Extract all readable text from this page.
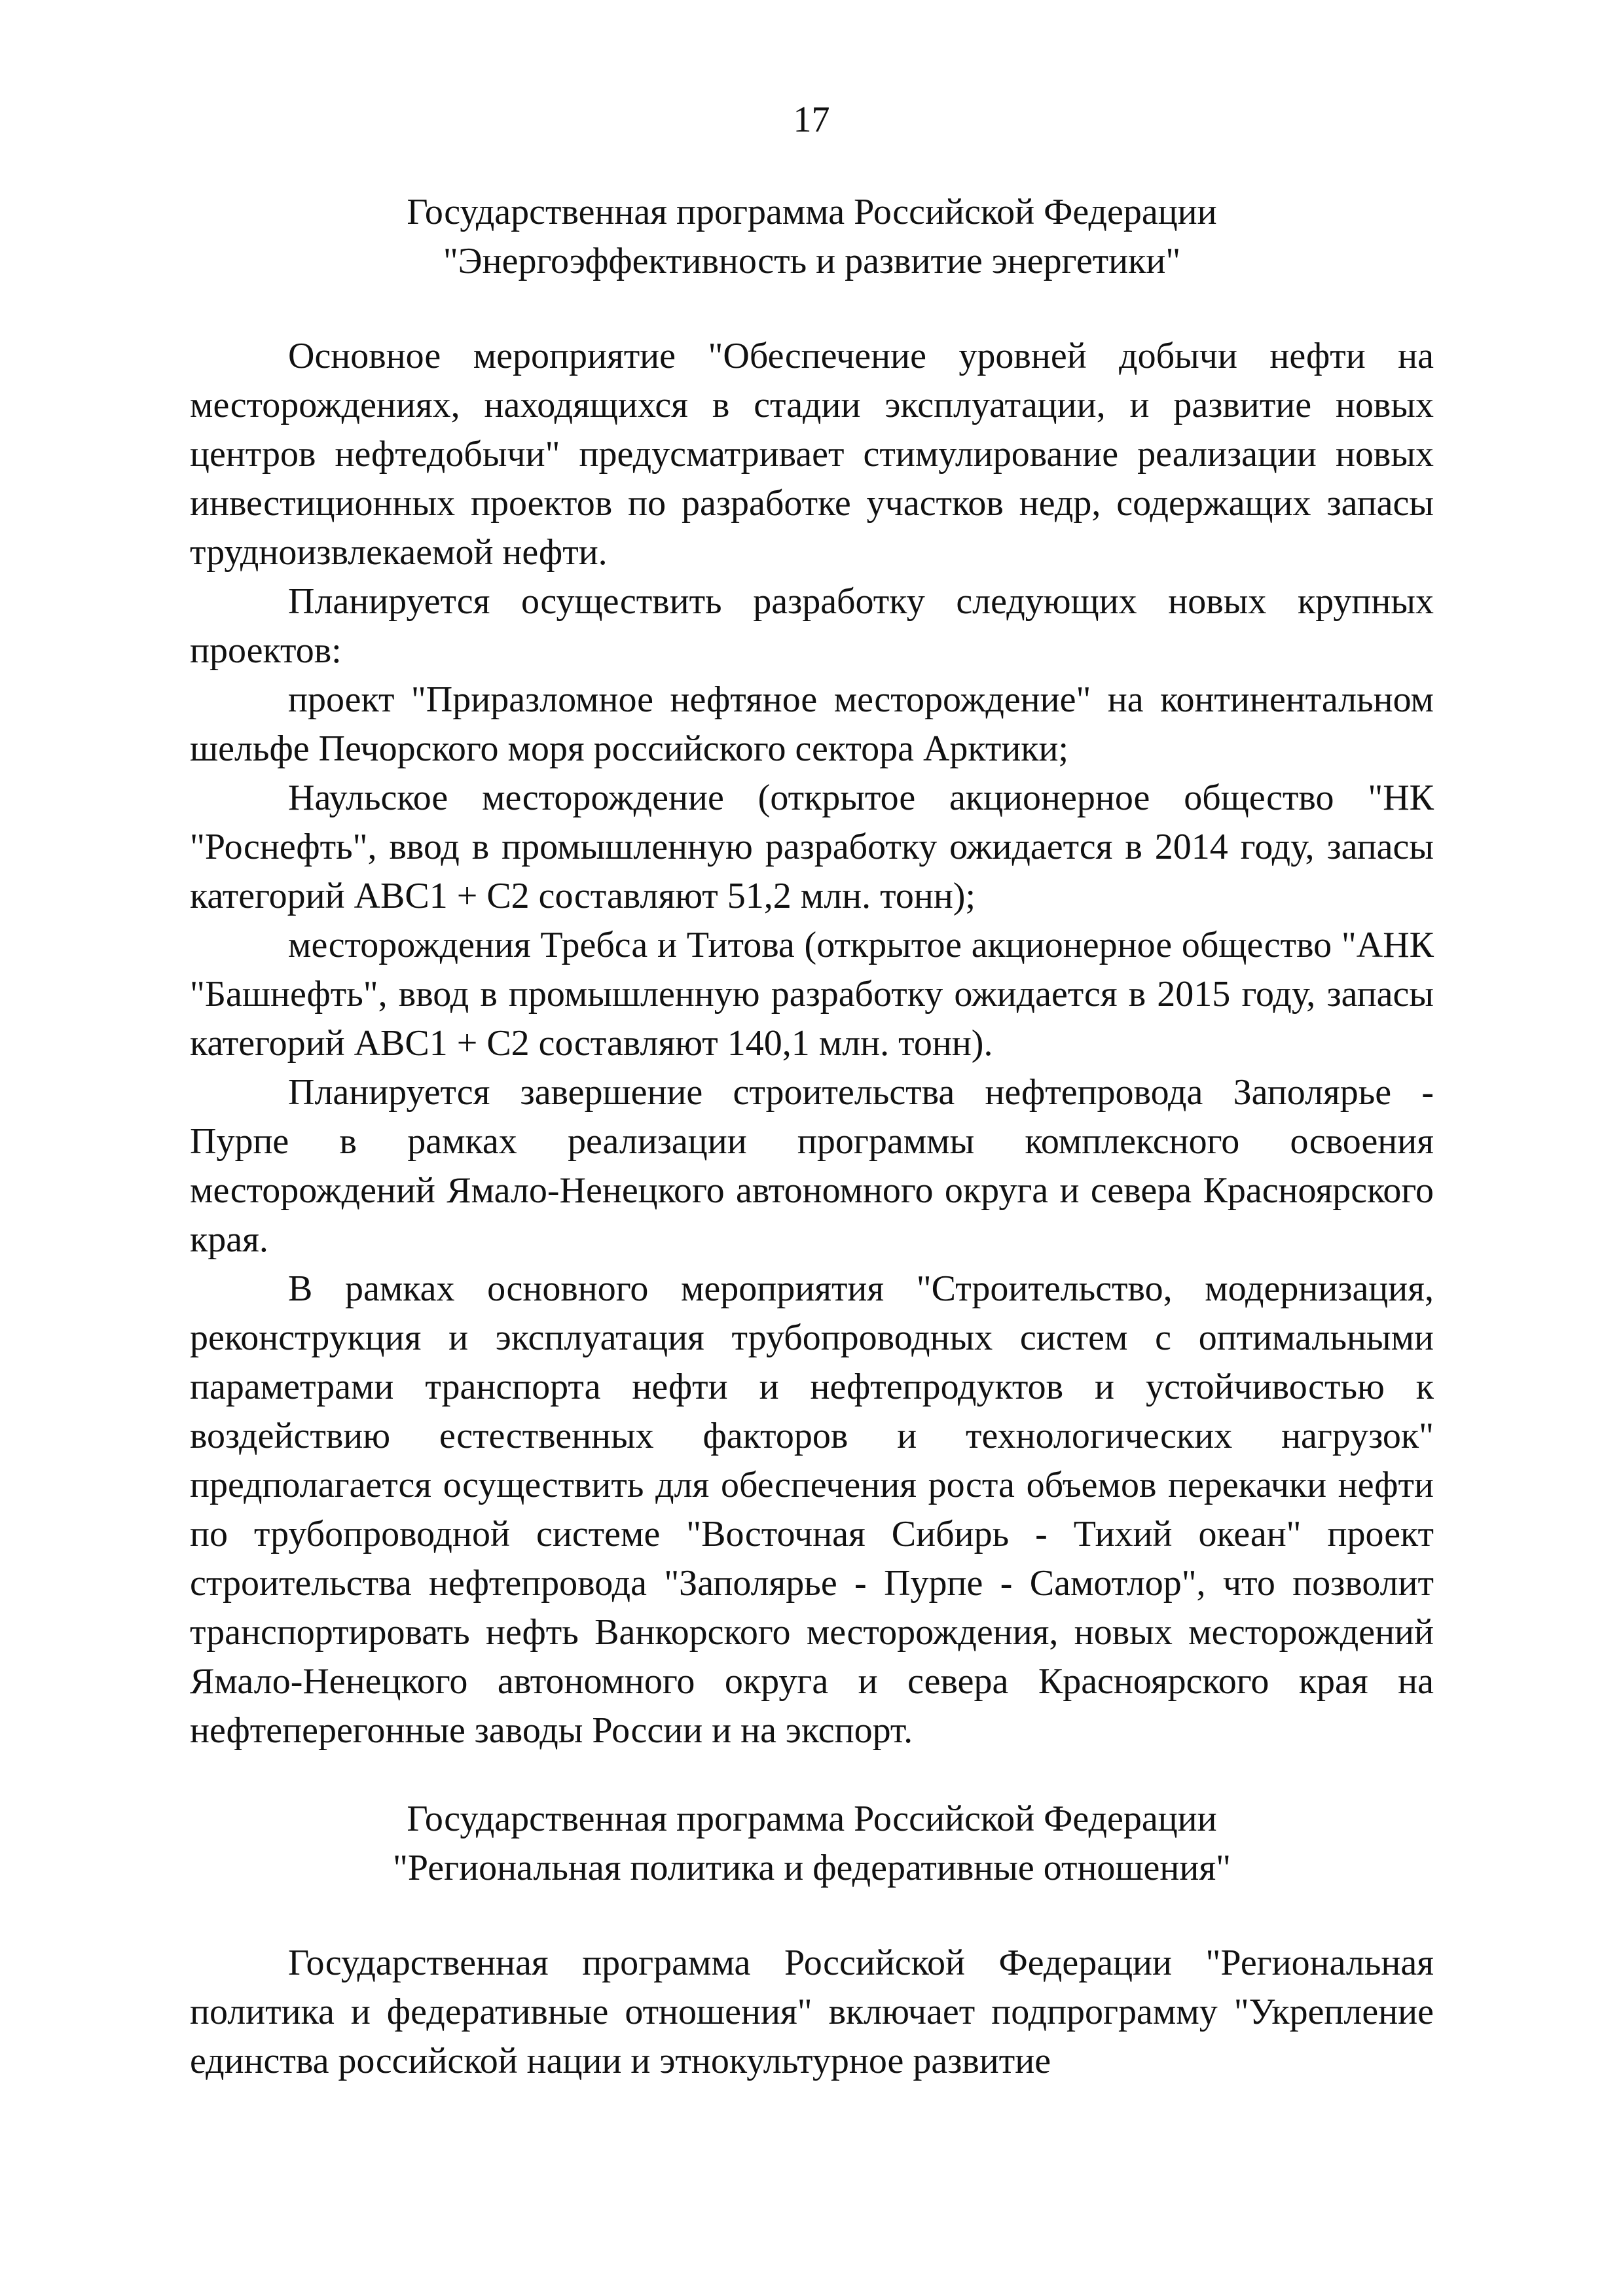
17
Государственная программа Российской Федерации
"Энергоэффективность и развитие энергетики"

Основное мероприятие "Обеспечение уровней добычи нефти на месторождениях, находящихся в стадии эксплуатации, и развитие новых центров нефтедобычи" предусматривает стимулирование реализации новых инвестиционных проектов по разработке участков недр, содержащих запасы трудноизвлекаемой нефти.

Планируется осуществить разработку следующих новых крупных проектов:

проект "Приразломное нефтяное месторождение" на континентальном шельфе Печорского моря российского сектора Арктики;

Наульское месторождение (открытое акционерное общество "НК "Роснефть", ввод в промышленную разработку ожидается в 2014 году, запасы категорий АВС1 + С2 составляют 51,2 млн. тонн);

месторождения Требса и Титова (открытое акционерное общество "АНК "Башнефть", ввод в промышленную разработку ожидается в 2015 году, запасы категорий АВС1 + С2 составляют 140,1 млн. тонн).

Планируется завершение строительства нефтепровода Заполярье - Пурпе в рамках реализации программы комплексного освоения месторождений Ямало-Ненецкого автономного округа и севера Красноярского края.

В рамках основного мероприятия "Строительство, модернизация, реконструкция и эксплуатация трубопроводных систем с оптимальными параметрами транспорта нефти и нефтепродуктов и устойчивостью к воздействию естественных факторов и технологических нагрузок" предполагается осуществить для обеспечения роста объемов перекачки нефти по трубопроводной системе "Восточная Сибирь - Тихий океан" проект строительства нефтепровода "Заполярье - Пурпе - Самотлор", что позволит транспортировать нефть Ванкорского месторождения, новых месторождений Ямало-Ненецкого автономного округа и севера Красноярского края на нефтеперегонные заводы России и на экспорт.

Государственная программа Российской Федерации
"Региональная политика и федеративные отношения"

Государственная программа Российской Федерации "Региональная политика и федеративные отношения" включает подпрограмму "Укрепление единства российской нации и этнокультурное развитие
